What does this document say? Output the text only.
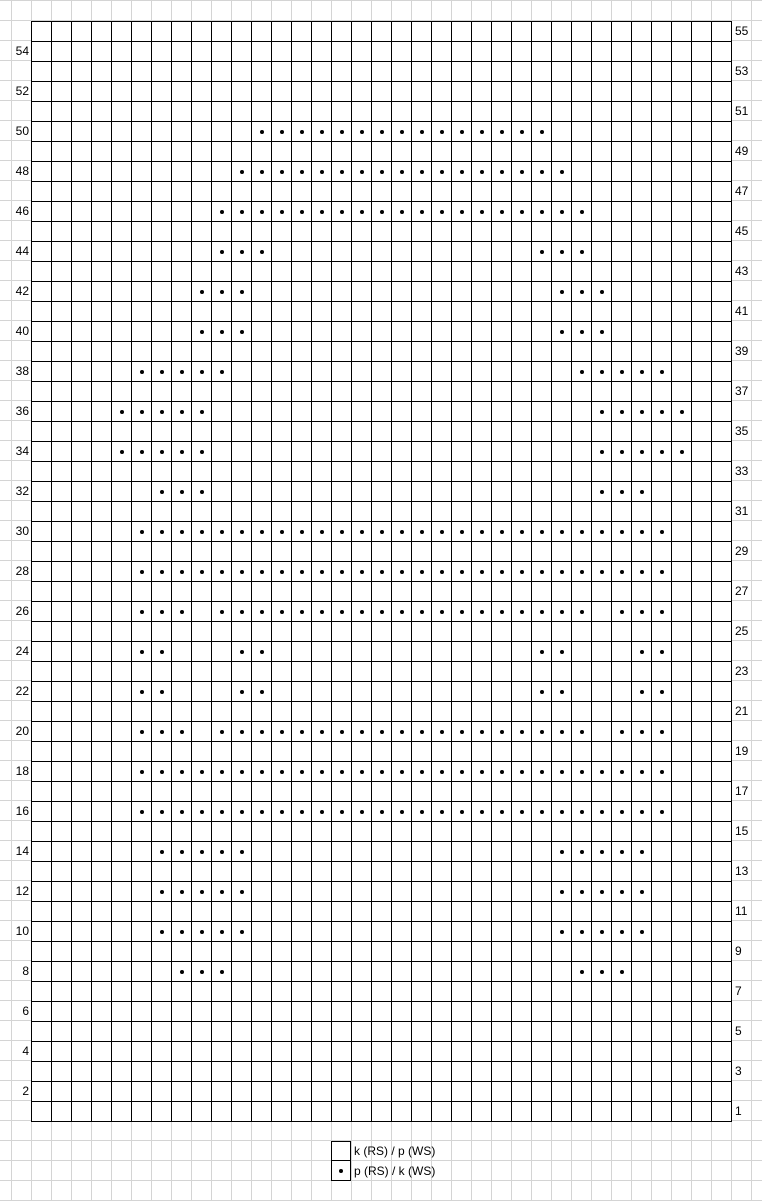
54
52
50
48
46
44
42
40
38
36
34
32
30
28
26
24
22
20
18
16
14
12
10
8
6
4
2
55
53
51
49
47
45
43
41
39
37
35
33
31
29
27
25
23
21
19
17
15
13
11
9
7
5
3
1
k (RS) / p (WS)
p (RS) / k (WS)
